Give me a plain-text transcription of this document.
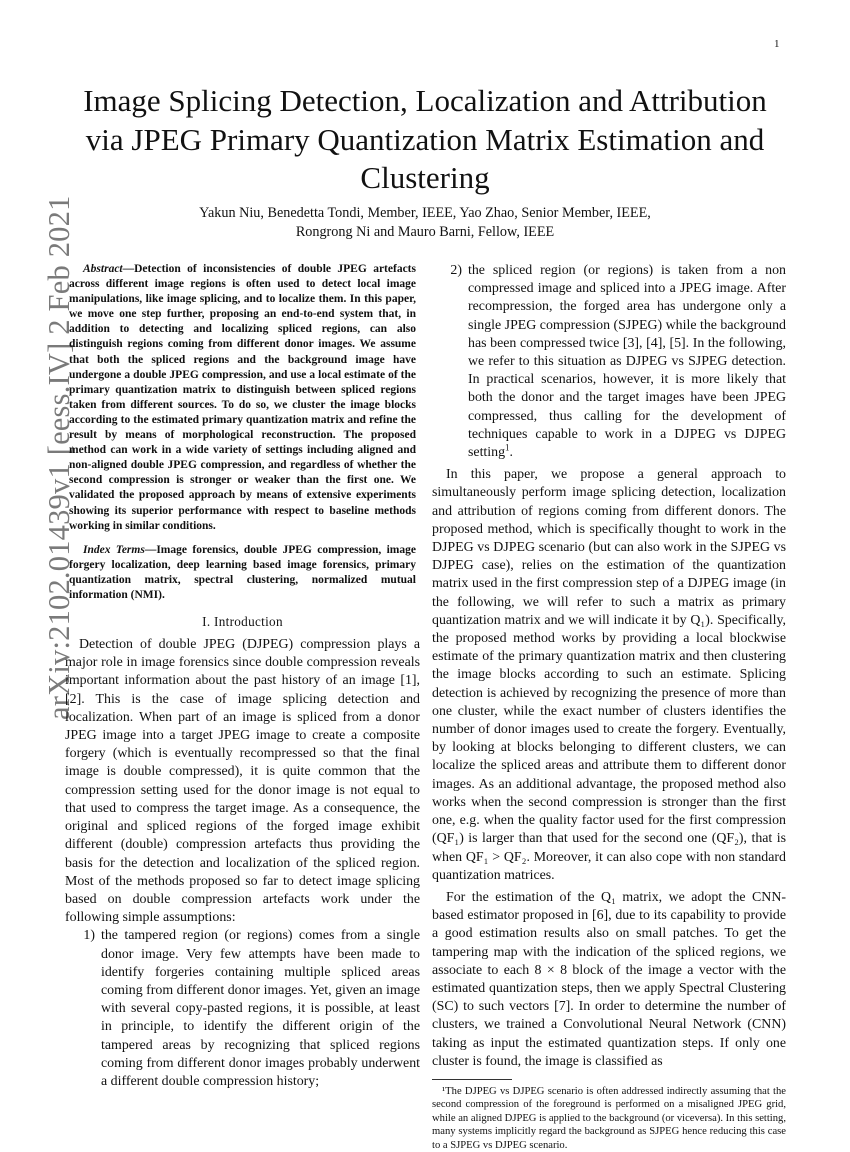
1
arXiv:2102.01439v1 [eess.IV] 2 Feb 2021
Image Splicing Detection, Localization and Attribution via JPEG Primary Quantization Matrix Estimation and Clustering
Yakun Niu, Benedetta Tondi, Member, IEEE, Yao Zhao, Senior Member, IEEE,
Rongrong Ni and Mauro Barni, Fellow, IEEE

Abstract—Detection of inconsistencies of double JPEG artefacts across different image regions is often used to detect local image manipulations, like image splicing, and to localize them. In this paper, we move one step further, proposing an end-to-end system that, in addition to detecting and localizing spliced regions, can also distinguish regions coming from different donor images. We assume that both the spliced regions and the background image have undergone a double JPEG compression, and use a local estimate of the primary quantization matrix to distinguish between spliced regions taken from different sources. To do so, we cluster the image blocks according to the estimated primary quantization matrix and refine the result by means of morphological reconstruction. The proposed method can work in a wide variety of settings including aligned and non-aligned double JPEG compression, and regardless of whether the second compression is stronger or weaker than the first one. We validated the proposed approach by means of extensive experiments showing its superior performance with respect to baseline methods working in similar conditions.

Index Terms—Image forensics, double JPEG compression, image forgery localization, deep learning based image forensics, primary quantization matrix, spectral clustering, normalized mutual information (NMI).

I. Introduction

Detection of double JPEG (DJPEG) compression plays a major role in image forensics since double compression reveals important information about the past history of an image [1], [2]. This is the case of image splicing detection and localization. When part of an image is spliced from a donor JPEG image into a target JPEG image to create a composite forgery (which is eventually recompressed so that the final image is double compressed), it is quite common that the compression setting used for the donor image is not equal to that used to compress the target image. As a consequence, the original and spliced regions of the forged image exhibit different (double) compression artefacts thus providing the basis for the detection and localization of the spliced region. Most of the methods proposed so far to detect image splicing based on double compression artefacts work under the following simple assumptions:

1) the tampered region (or regions) comes from a single donor image. Very few attempts have been made to identify forgeries containing multiple spliced areas coming from different donor images. Yet, given an image with several copy-pasted regions, it is possible, at least in principle, to identify the different origin of the tampered areas by recognizing that spliced regions coming from different donor images probably underwent a different double compression history;
2) the spliced region (or regions) is taken from a non compressed image and spliced into a JPEG image. After recompression, the forged area has undergone only a single JPEG compression (SJPEG) while the background has been compressed twice [3], [4], [5]. In the following, we refer to this situation as DJPEG vs SJPEG detection. In practical scenarios, however, it is more likely that both the donor and the target images have been JPEG compressed, thus calling for the development of techniques capable to work in a DJPEG vs DJPEG setting$^1$.

In this paper, we propose a general approach to simultaneously perform image splicing detection, localization and attribution of regions coming from different donors. The proposed method, which is specifically thought to work in the DJPEG vs DJPEG scenario (but can also work in the SJPEG vs DJPEG case), relies on the estimation of the quantization matrix used in the first compression step of a DJPEG image (in the following, we will refer to such a matrix as primary quantization matrix and we will indicate it by Q₁). Specifically, the proposed method works by providing a local blockwise estimate of the primary quantization matrix and then clustering the image blocks according to such an estimate. Splicing detection is achieved by recognizing the presence of more than one cluster, while the exact number of clusters identifies the number of donor images used to create the forgery. Eventually, by looking at blocks belonging to different clusters, we can localize the spliced areas and attribute them to different donor images. As an additional advantage, the proposed method also works when the second compression is stronger than the first one, e.g. when the quality factor used for the first compression (QF₁) is larger than that used for the second one (QF₂), that is when QF₁ > QF₂. Moreover, it can also cope with non standard quantization matrices.

For the estimation of the Q₁ matrix, we adopt the CNN-based estimator proposed in [6], due to its capability to provide a good estimation results also on small patches. To get the tampering map with the indication of the spliced regions, we associate to each 8 × 8 block of the image a vector with the estimated quantization steps, then we apply Spectral Clustering (SC) to such vectors [7]. In order to determine the number of clusters, we trained a Convolutional Neural Network (CNN) taking as input the estimated quantization steps. If only one cluster is found, the image is classified as

¹The DJPEG vs DJPEG scenario is often addressed indirectly assuming that the second compression of the foreground is performed on a misaligned JPEG grid, while an aligned DJPEG is applied to the background (or viceversa). In this setting, many systems implicitly regard the background as SJPEG hence reducing this case to a SJPEG vs DJPEG scenario.
